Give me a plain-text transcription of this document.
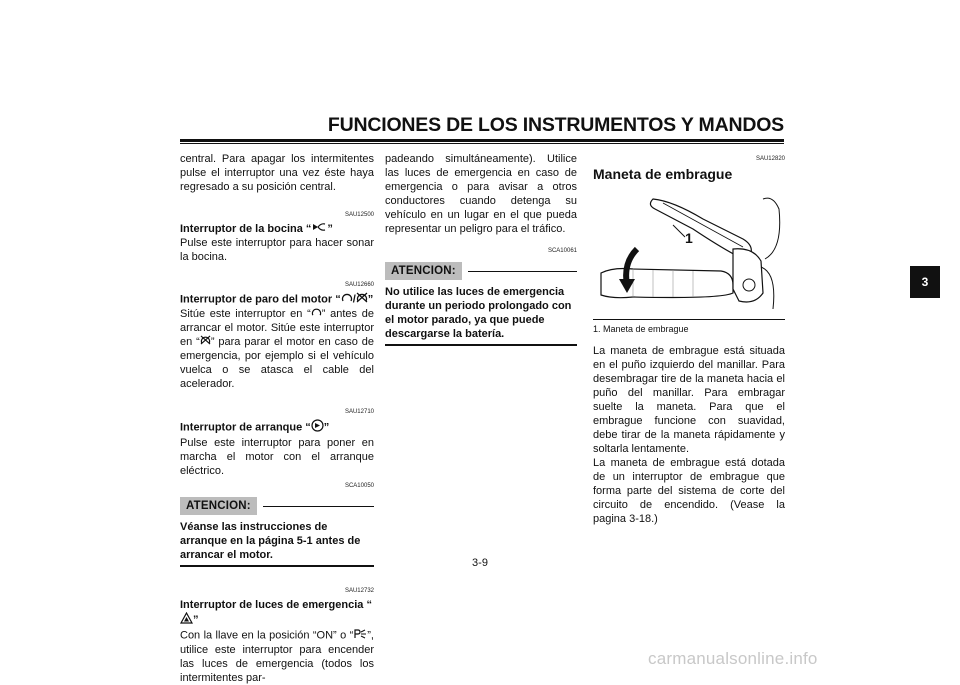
FUNCIONES DE LOS INSTRUMENTOS Y MANDOS

central. Para apagar los intermitentes pulse el interruptor una vez éste haya regresado a su posición central.

SAU12500
Interruptor de la bocina “ ”

Pulse este interruptor para hacer sonar la bocina.

SAU12660
Interruptor de paro del motor “ / ”

Sitúe este interruptor en “ ” antes de arrancar el motor. Sitúe este interruptor en “ ” para parar el motor en caso de emergencia, por ejemplo si el vehículo vuelca o se atasca el cable del acelerador.

SAU12710
Interruptor de arranque “ ”

Pulse este interruptor para poner en marcha el motor con el arranque eléctrico.

SCA10050
ATENCION:
Véanse las instrucciones de arranque en la página 5-1 antes de arrancar el motor.
SAU12732
Interruptor de luces de emergencia “”

Con la llave en la posición “ON” o “ ”, utilice este interruptor para encender las luces de emergencia (todos los intermitentes par-

padeando simultáneamente). Utilice las luces de emergencia en caso de emergencia o para avisar a otros conductores cuando detenga su vehículo en un lugar en el que pueda representar un peligro para el tráfico.

SCA10061
ATENCION:
No utilice las luces de emergencia durante un periodo prolongado con el motor parado, ya que puede descargarse la batería.
SAU12820
Maneta de embrague
1
1. Maneta de embrague

La maneta de embrague está situada en el puño izquierdo del manillar. Para desembragar tire de la maneta hacia el puño del manillar. Para embragar suelte la maneta. Para que el embrague funcione con suavidad, debe tirar de la maneta rápidamente y soltarla lentamente.

La maneta de embrague está dotada de un interruptor de embrague que forma parte del sistema de corte del circuito de encendido. (Vease la pagina 3-18.)

3
3-9
carmanualsonline.info
